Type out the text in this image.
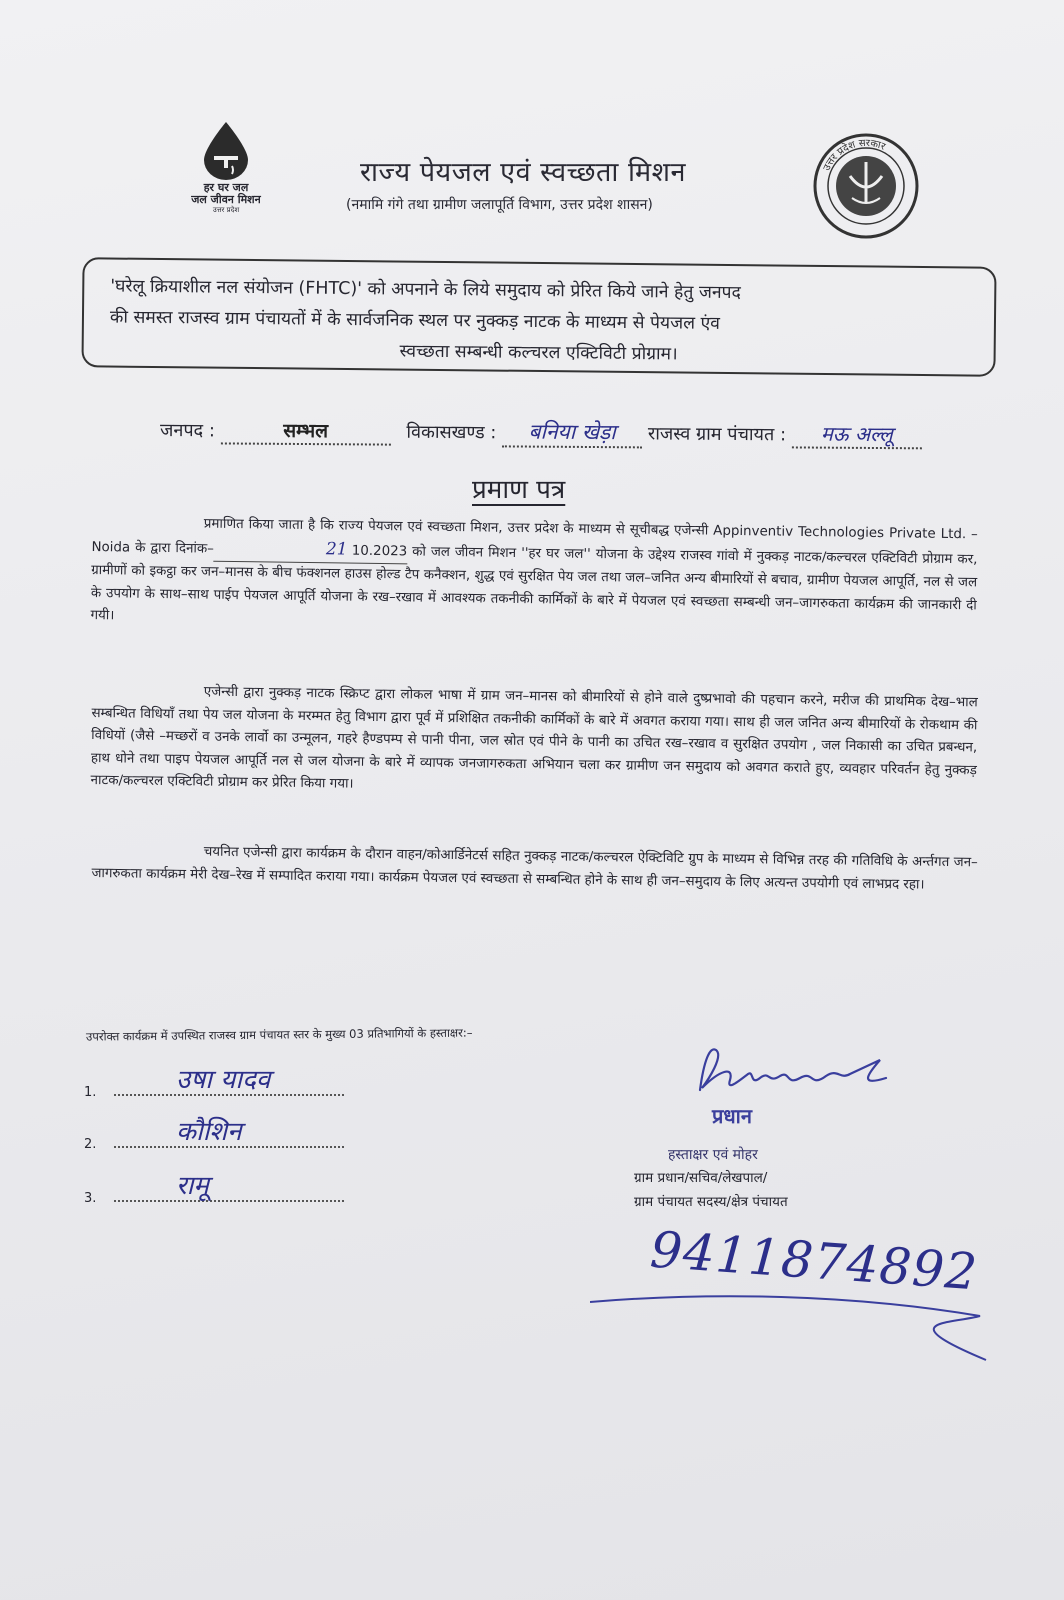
हर घर जल
जल जीवन मिशन
उत्तर प्रदेश
राज्य पेयजल एवं स्वच्छता मिशन
(नमामि गंगे तथा ग्रामीण जलापूर्ति विभाग, उत्तर प्रदेश शासन)
उत्तर प्रदेश सरकार
'घरेलू क्रियाशील नल संयोजन (FHTC)' को अपनाने के लिये समुदाय को प्रेरित किये जाने हेतु जनपद
की समस्त राजस्व ग्राम पंचायतों में के सार्वजनिक स्थल पर नुक्कड़ नाटक के माध्यम से पेयजल एंव
स्वच्छता सम्बन्धी कल्चरल एक्टिविटी प्रोग्राम।
जनपद :	सम्भल	विकासखण्ड : बनिया खेड़ा राजस्व ग्राम पंचायत : मऊ अल्लू
प्रमाण पत्र

प्रमाणित किया जाता है कि राज्य पेयजल एवं स्वच्छता मिशन, उत्तर प्रदेश के माध्यम से सूचीबद्ध एजेन्सी Appinventiv Technologies Private Ltd. – Noida के द्वारा दिनांक–	21 10.2023 को जल जीवन मिशन ''हर घर जल'' योजना के उद्देश्य राजस्व गांवो में नुक्कड़ नाटक/कल्चरल एक्टिविटी प्रोग्राम कर, ग्रामीणों को इकट्ठा कर जन–मानस के बीच फंक्शनल हाउस होल्ड टैप कनैक्शन, शुद्ध एवं सुरक्षित पेय जल तथा जल–जनित अन्य बीमारियों से बचाव, ग्रामीण पेयजल आपूर्ति, नल से जल के उपयोग के साथ–साथ पाईप पेयजल आपूर्ति योजना के रख–रखाव में आवश्यक तकनीकी कार्मिकों के बारे में पेयजल एवं स्वच्छता सम्बन्धी जन–जागरुकता कार्यक्रम की जानकारी दी गयी।

एजेन्सी द्वारा नुक्कड़ नाटक स्क्रिप्ट द्वारा लोकल भाषा में ग्राम जन–मानस को बीमारियों से होने वाले दुष्प्रभावो की पहचान करने, मरीज की प्राथमिक देख–भाल सम्बन्धित विधियाँ तथा पेय जल योजना के मरम्मत हेतु विभाग द्वारा पूर्व में प्रशिक्षित तकनीकी कार्मिकों के बारे में अवगत कराया गया। साथ ही जल जनित अन्य बीमारियों के रोकथाम की विधियों (जैसे –मच्छरों व उनके लार्वो का उन्मूलन, गहरे हैण्डपम्प से पानी पीना, जल स्रोत एवं पीने के पानी का उचित रख–रखाव व सुरक्षित उपयोग , जल निकासी का उचित प्रबन्धन, हाथ धोने तथा पाइप पेयजल आपूर्ति नल से जल योजना के बारे में व्यापक जनजागरुकता अभियान चला कर ग्रामीण जन समुदाय को अवगत कराते हुए, व्यवहार परिवर्तन हेतु नुक्कड़ नाटक/कल्चरल एक्टिविटी प्रोग्राम कर प्रेरित किया गया।

चयनित एजेन्सी द्वारा कार्यक्रम के दौरान वाहन/कोआर्डिनेटर्स सहित नुक्कड़ नाटक/कल्चरल ऐक्टिविटि ग्रुप के माध्यम से विभिन्न तरह की गतिविधि के अर्न्तगत जन–जागरुकता कार्यक्रम मेरी देख–रेख में सम्पादित कराया गया। कार्यक्रम पेयजल एवं स्वच्छता से सम्बन्धित होने के साथ ही जन–समुदाय के लिए अत्यन्त उपयोगी एवं लाभप्रद रहा।

उपरोक्त कार्यक्रम में उपस्थित राजस्व ग्राम पंचायत स्तर के मुख्य 03 प्रतिभागियों के हस्ताक्षर:–
1.	उषा यादव
2.	कौशिन
3.	रामू
Bhoorilal
प्रधान
हस्ताक्षर एवं मोहर
ग्राम प्रधान/सचिव/लेखपाल/
ग्राम पंचायत सदस्य/क्षेत्र पंचायत
9411874892
